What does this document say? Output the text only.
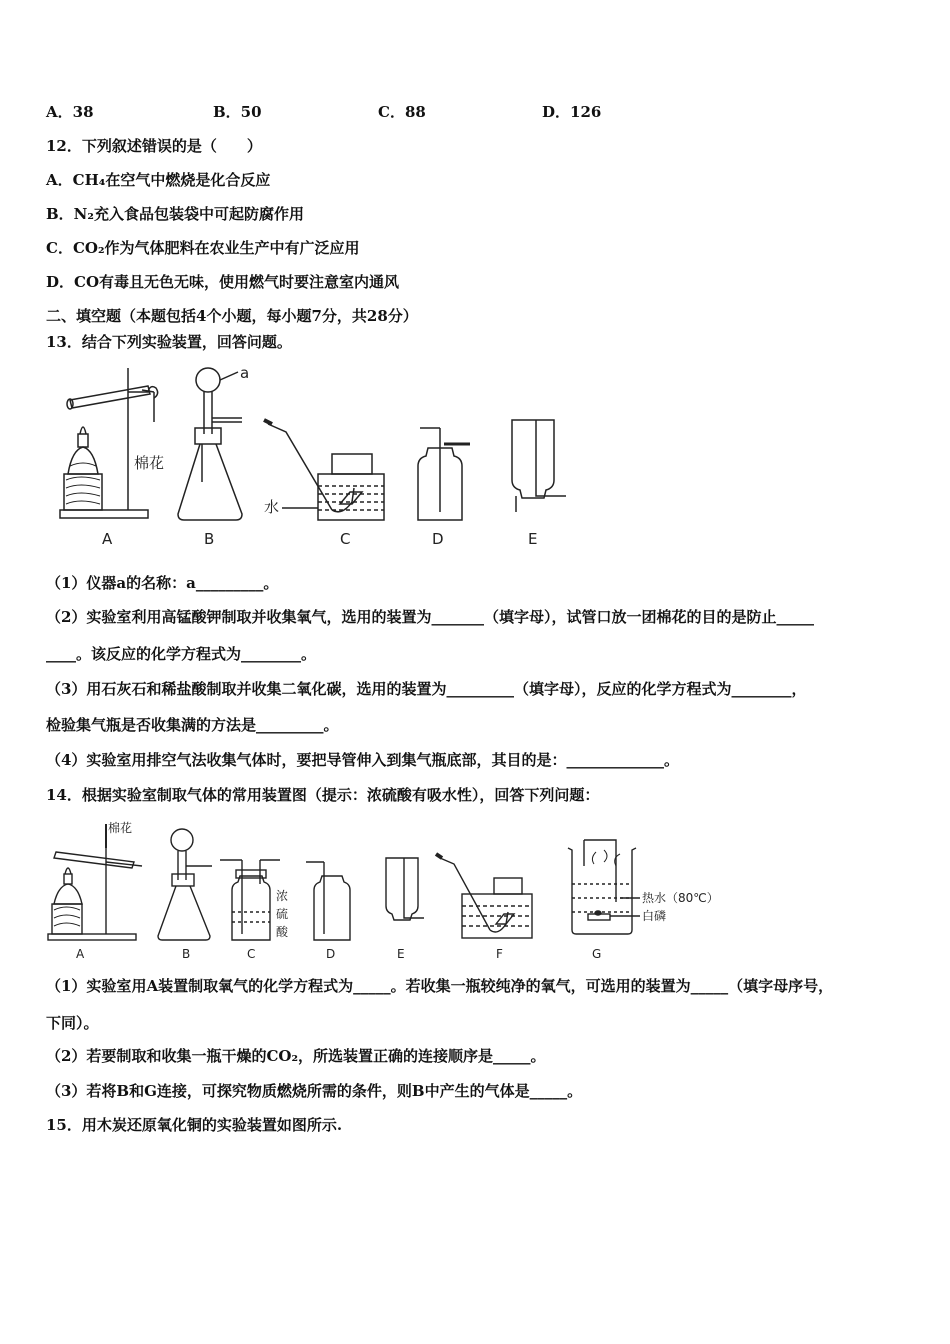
A．38	B．50	C．88	D．126
12．下列叙述错误的是（　　）
A．CH₄在空气中燃烧是化合反应
B．N₂充入食品包装袋中可起防腐作用
C．CO₂作为气体肥料在农业生产中有广泛应用
D．CO有毒且无色无味，使用燃气时要注意室内通风
二、填空题（本题包括4个小题，每小题7分，共28分）
13．结合下列实验装置，回答问题。
a
棉花
水
A	B	C	D	E
（1）仪器a的名称：a_________。
（2）实验室利用高锰酸钾制取并收集氧气，选用的装置为_______（填字母），试管口放一团棉花的目的是防止_____
____。该反应的化学方程式为________。
（3）用石灰石和稀盐酸制取并收集二氧化碳，选用的装置为_________（填字母），反应的化学方程式为________，
检验集气瓶是否收集满的方法是_________。
（4）实验室用排空气法收集气体时，要把导管伸入到集气瓶底部，其目的是：_____________。
14．根据实验室制取气体的常用装置图（提示：浓硫酸有吸水性），回答下列问题：
棉花
浓
硫
酸
热水（80℃）
白磷
A	B	C	D	E	F	G
（1）实验室用A装置制取氧气的化学方程式为_____。若收集一瓶较纯净的氧气，可选用的装置为_____（填字母序号，
下同）。
（2）若要制取和收集一瓶干燥的CO₂，所选装置正确的连接顺序是_____。
（3）若将B和G连接，可探究物质燃烧所需的条件，则B中产生的气体是_____。
15．用木炭还原氧化铜的实验装置如图所示.
